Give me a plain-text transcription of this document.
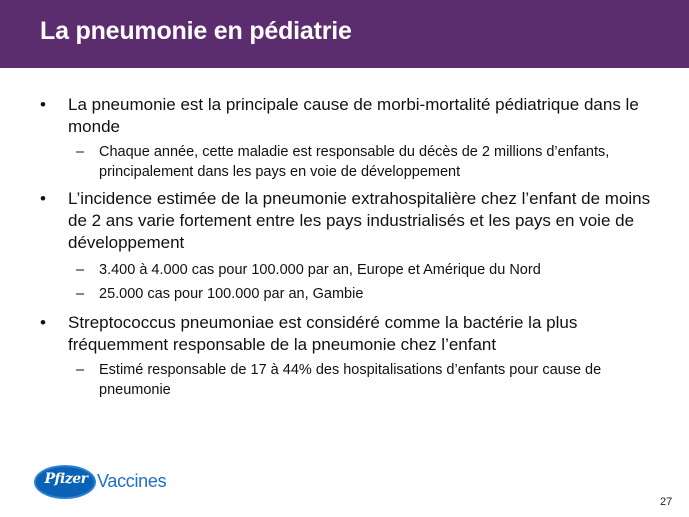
La pneumonie en pédiatrie
• La pneumonie est la principale cause de morbi-mortalité pédiatrique dans le monde
– Chaque année, cette maladie est responsable du décès de 2 millions d’enfants, principalement dans les pays en voie de développement
• L’incidence estimée de la pneumonie extrahospitalière chez l’enfant de moins de 2 ans varie fortement entre les pays industrialisés et les pays en voie de développement
– 3.400 à 4.000 cas pour 100.000 par an, Europe et Amérique du Nord
– 25.000 cas pour 100.000 par an, Gambie
• Streptococcus pneumoniae est considéré comme la bactérie la plus fréquemment responsable de la pneumonie chez l’enfant
– Estimé responsable de 17 à 44% des hospitalisations d’enfants pour cause de pneumonie
Pfizer Vaccines
27
